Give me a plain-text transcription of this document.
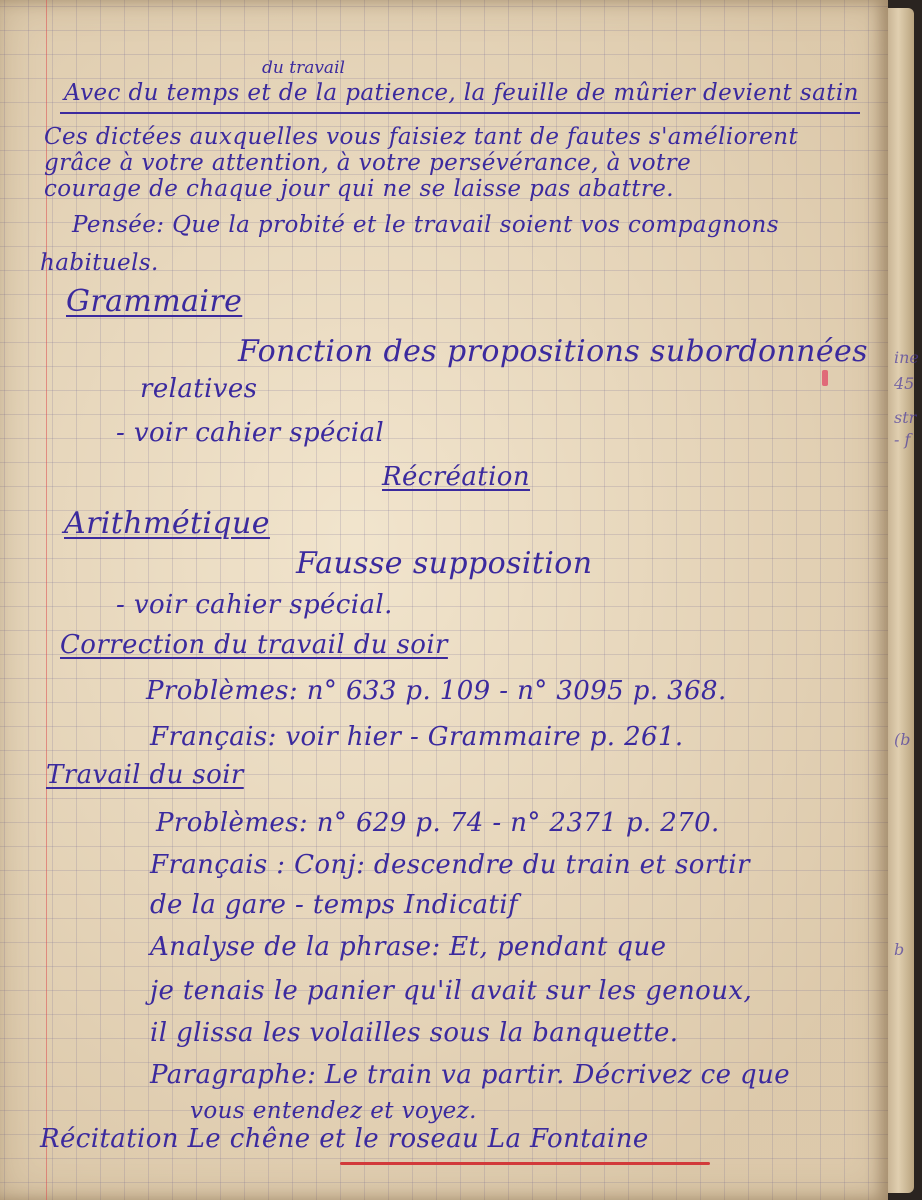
du travail

Avec du temps et de la patience, la feuille de mûrier devient satin

Ces dictées auxquelles vous faisiez tant de fautes s'améliorent

grâce à votre attention, à votre persévérance, à votre

courage de chaque jour qui ne se laisse pas abattre.

Pensée: Que la probité et le travail soient vos compagnons

habituels.

Grammaire

Fonction des propositions subordonnées

relatives

- voir cahier spécial

Récréation

Arithmétique

Fausse supposition

- voir cahier spécial.

Correction du travail du soir

Problèmes: n° 633 p. 109 - n° 3095 p. 368.

Français: voir hier - Grammaire p. 261.

Travail du soir

Problèmes: n° 629 p. 74 - n° 2371 p. 270.

Français : Conj: descendre du train et sortir

de la gare - temps Indicatif

Analyse de la phrase: Et, pendant que

je tenais le panier qu'il avait sur les genoux,

il glissa les volailles sous la banquette.

Paragraphe: Le train va partir. Décrivez ce que

vous entendez et voyez.

Récitation Le chêne et le roseau La Fontaine

ine
45
str
- f
(b
b
